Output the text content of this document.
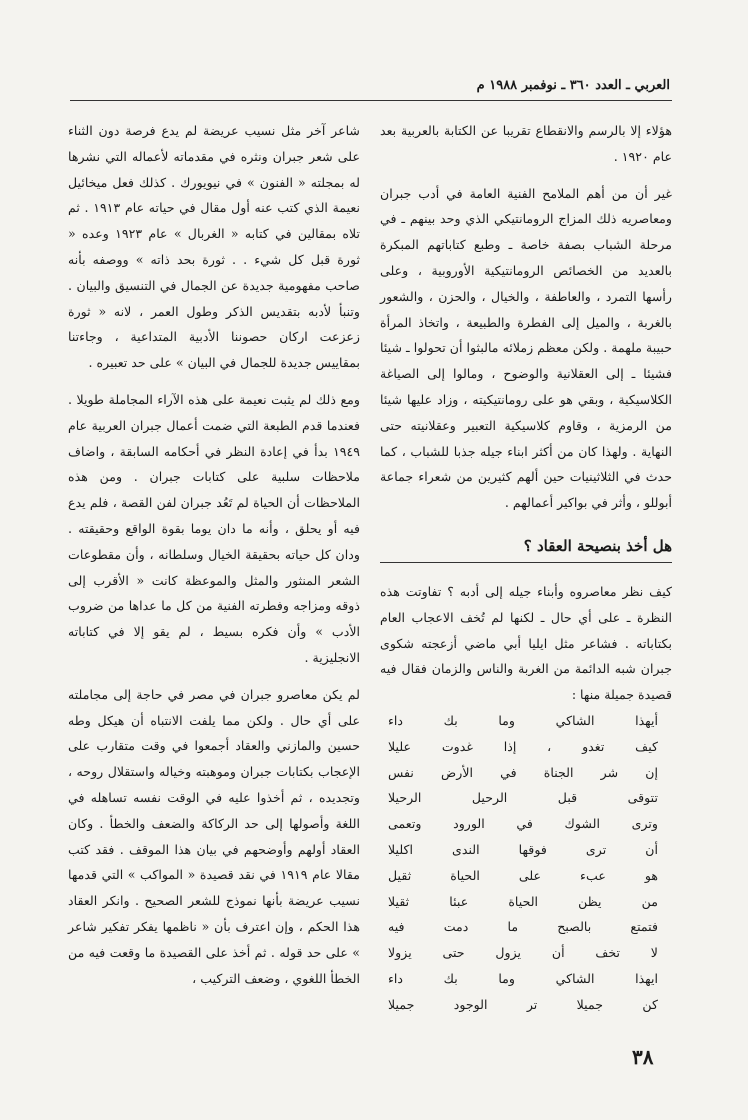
العربي ـ العدد ٣٦٠ ـ نوفمبر ١٩٨٨ م

هؤلاء إلا بالرسم والانقطاع تقريبا عن الكتابة بالعربية بعد عام ١٩٢٠ .

غير أن من أهم الملامح الفنية العامة في أدب جبران ومعاصريه ذلك المزاج الرومانتيكي الذي وحد بينهم ـ في مرحلة الشباب بصفة خاصة ـ وطبع كتاباتهم المبكرة بالعديد من الخصائص الرومانتيكية الأوروبية ، وعلى رأسها التمرد ، والعاطفة ، والخيال ، والحزن ، والشعور بالغربة ، والميل إلى الفطرة والطبيعة ، واتخاذ المرأة حبيبة ملهمة . ولكن معظم زملائه مالبثوا أن تحولوا ـ شيئا فشيئا ـ إلى العقلانية والوضوح ، ومالوا إلى الصياغة الكلاسيكية ، وبقي هو على رومانتيكيته ، وزاد عليها شيئا من الرمزية ، وقاوم كلاسيكية التعبير وعقلانيته حتى النهاية . ولهذا كان من أكثر ابناء جيله جذبا للشباب ، كما حدث في الثلاثينيات حين ألهم كثيرين من شعراء جماعة أبوللو ، وأثر في بواكير أعمالهم .

هل أخذ بنصيحة العقاد ؟

كيف نظر معاصروه وأبناء جيله إلى أدبه ؟ تفاوتت هذه النظرة ـ على أي حال ـ لكنها لم تُخف الاعجاب العام بكتاباته . فشاعر مثل ايليا أبي ماضي أزعجته شكوى جبران شبه الدائمة من الغربة والناس والزمان فقال فيه قصيدة جميلة منها :

أيهذا الشاكي وما بك داء
كيف تغدو ، إذا غدوت عليلا
إن شر الجناة في الأرض نفس
تتوقى قبل الرحيل الرحيلا
وترى الشوك في الورود وتعمى
أن ترى فوقها الندى اكليلا
هو عبء على الحياة ثقيل
من يظن الحياة عبئا ثقيلا
فتمتع بالصبح ما دمت فيه
لا تخف أن يزول حتى يزولا
ايهذا الشاكي وما بك داء
كن جميلا تر الوجود جميلا

شاعر آخر مثل نسيب عريضة لم يدع فرصة دون الثناء على شعر جبران ونثره في مقدماته لأعماله التي نشرها له بمجلته « الفنون » في نيويورك . كذلك فعل ميخائيل نعيمة الذي كتب عنه أول مقال في حياته عام ١٩١٣ . ثم تلاه بمقالين في كتابه « الغربال » عام ١٩٢٣ وعده « ثورة قبل كل شيء . . ثورة بحد ذاته » ووصفه بأنه صاحب مفهومية جديدة عن الجمال في التنسيق والبيان . وتنبأ لأدبه بتقديس الذكر وطول العمر ، لانه « ثورة زعزعت اركان حصوننا الأدبية المتداعية ، وجاءتنا بمقاييس جديدة للجمال في البيان » على حد تعبيره .

ومع ذلك لم يثبت نعيمة على هذه الآراء المجاملة طويلا . فعندما قدم الطبعة التي ضمت أعمال جبران العربية عام ١٩٤٩ بدأ في إعادة النظر في أحكامه السابقة ، واضاف ملاحظات سلبية على كتابات جبران . ومن هذه الملاحظات أن الحياة لم تَعُد جبران لفن القصة ، فلم يدع فيه أو يحلق ، وأنه ما دان يوما بقوة الواقع وحقيقته . ودان كل حياته بحقيقة الخيال وسلطانه ، وأن مقطوعات الشعر المنثور والمثل والموعظة كانت « الأقرب إلى ذوقه ومزاجه وفطرته الفنية من كل ما عداها من ضروب الأدب » وأن فكره بسيط ، لم يقو إلا في كتاباته الانجليزية .

لم يكن معاصرو جبران في مصر في حاجة إلى مجاملته على أي حال . ولكن مما يلفت الانتباه أن هيكل وطه حسين والمازني والعقاد أجمعوا في وقت متقارب على الإعجاب بكتابات جبران وموهبته وخياله واستقلال روحه ، وتجديده ، ثم أخذوا عليه في الوقت نفسه تساهله في اللغة وأصولها إلى حد الركاكة والضعف والخطأ . وكان العقاد أولهم وأوضحهم في بيان هذا الموقف . فقد كتب مقالا عام ١٩١٩ في نقد قصيدة « المواكب » التي قدمها نسيب عريضة بأنها نموذج للشعر الصحيح . وانكر العقاد هذا الحكم ، وإن اعترف بأن « ناظمها يفكر تفكير شاعر » على حد قوله . ثم أخذ على القصيدة ما وقعت فيه من الخطأ اللغوي ، وضعف التركيب ،

٣٨
